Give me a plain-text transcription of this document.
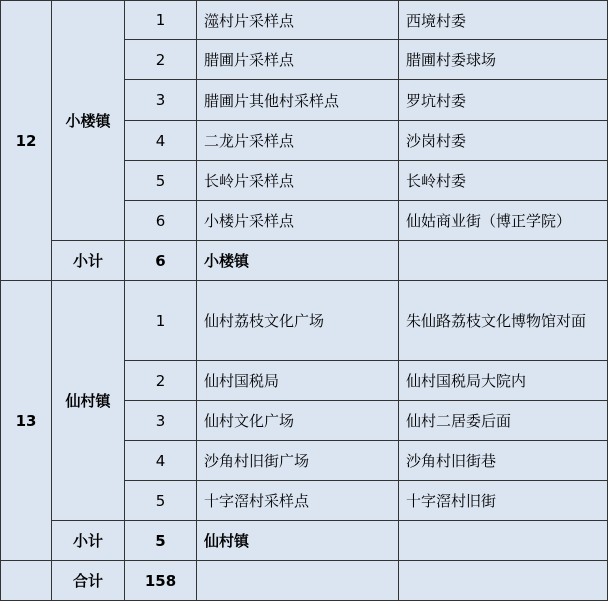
12
小楼镇
1	澨村片采样点	西境村委
2	腊圃片采样点	腊圃村委球场
3	腊圃片其他村采样点	罗坑村委
4	二龙片采样点	沙岗村委
5	长岭片采样点	长岭村委
6	小楼片采样点	仙姑商业街（博正学院）
小计	6	小楼镇
13
仙村镇
1	仙村荔枝文化广场	朱仙路荔枝文化博物馆对面
2	仙村国税局	仙村国税局大院内
3	仙村文化广场	仙村二居委后面
4	沙角村旧街广场	沙角村旧街巷
5	十字滘村采样点	十字滘村旧街
小计	5	仙村镇
合计	158
